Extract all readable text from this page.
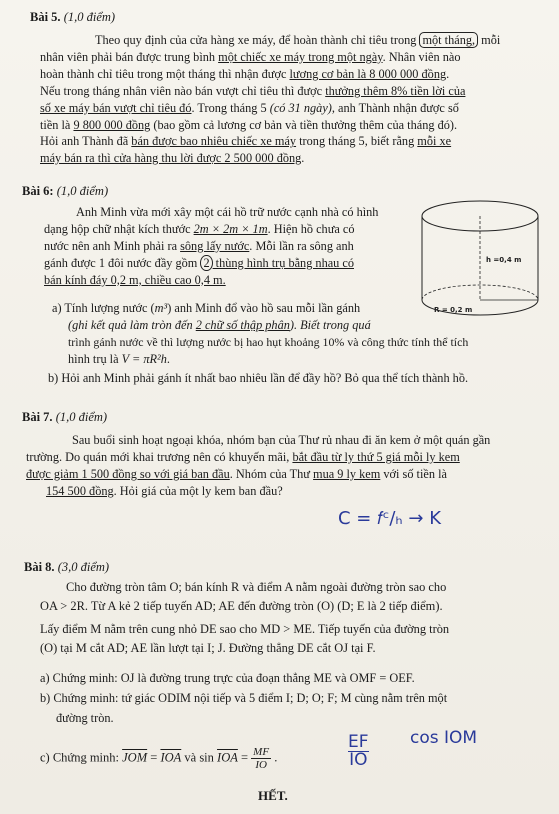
Bài 5. (1,0 điểm)
Theo quy định của cửa hàng xe máy, để hoàn thành chỉ tiêu trong một tháng, mỗi
nhân viên phải bán được trung bình một chiếc xe máy trong một ngày. Nhân viên nào
hoàn thành chỉ tiêu trong một tháng thì nhận được lương cơ bản là 8 000 000 đồng.
Nếu trong tháng nhân viên nào bán vượt chỉ tiêu thì được thưởng thêm 8% tiền lời của
số xe máy bán vượt chỉ tiêu đó. Trong tháng 5 (có 31 ngày), anh Thành nhận được số
tiền là 9 800 000 đồng (bao gồm cả lương cơ bản và tiền thưởng thêm của tháng đó).
Hỏi anh Thành đã bán được bao nhiêu chiếc xe máy trong tháng 5, biết rằng mỗi xe
máy bán ra thì cửa hàng thu lời được 2 500 000 đồng.
Bài 6: (1,0 điểm)
Anh Minh vừa mới xây một cái hồ trữ nước cạnh nhà có hình
dạng hộp chữ nhật kích thước 2m × 2m × 1m. Hiện hồ chưa có
nước nên anh Minh phải ra sông lấy nước. Mỗi lần ra sông anh
gánh được 1 đôi nước đầy gồm 2 thùng hình trụ bằng nhau có
bán kính đáy 0,2 m, chiều cao 0,4 m.
a) Tính lượng nước (m³) anh Minh đổ vào hồ sau mỗi lần gánh
(ghi kết quả làm tròn đến 2 chữ số thập phân). Biết trong quá
trình gánh nước về thì lượng nước bị hao hụt khoảng 10% và công thức tính thể tích
hình trụ là V = πR²h.
b) Hỏi anh Minh phải gánh ít nhất bao nhiêu lần để đầy hồ? Bỏ qua thể tích thành hồ.
h =0,4 m
R = 0,2 m
Bài 7. (1,0 điểm)
Sau buổi sinh hoạt ngoại khóa, nhóm bạn của Thư rủ nhau đi ăn kem ở một quán gần
trường. Do quán mới khai trương nên có khuyến mãi, bắt đầu từ ly thứ 5 giá mỗi ly kem
được giảm 1 500 đồng so với giá ban đầu. Nhóm của Thư mua 9 ly kem với số tiền là
154 500 đồng. Hỏi giá của một ly kem ban đầu?
C = 𝑓ᶜ/ₕ → K
Bài 8. (3,0 điểm)
Cho đường tròn tâm O; bán kính R và điểm A nằm ngoài đường tròn sao cho
OA > 2R. Từ A kẻ 2 tiếp tuyến AD; AE đến đường tròn (O) (D; E là 2 tiếp điểm).
Lấy điểm M nằm trên cung nhỏ DE sao cho MD > ME. Tiếp tuyến của đường tròn
(O) tại M cắt AD; AE lần lượt tại I; J. Đường thẳng DE cắt OJ tại F.
a) Chứng minh: OJ là đường trung trực của đoạn thẳng ME và OMF = OEF.
b) Chứng minh: tứ giác ODIM nội tiếp và 5 điểm I; D; O; F; M cùng nằm trên một
đường tròn.
c) Chứng minh: $\overline{JOM} = \overline{IOA}$ và $\sin \overline{IOA} = \frac{MF}{IO}$ .
EF
IO
cos IOM
HẾT.
